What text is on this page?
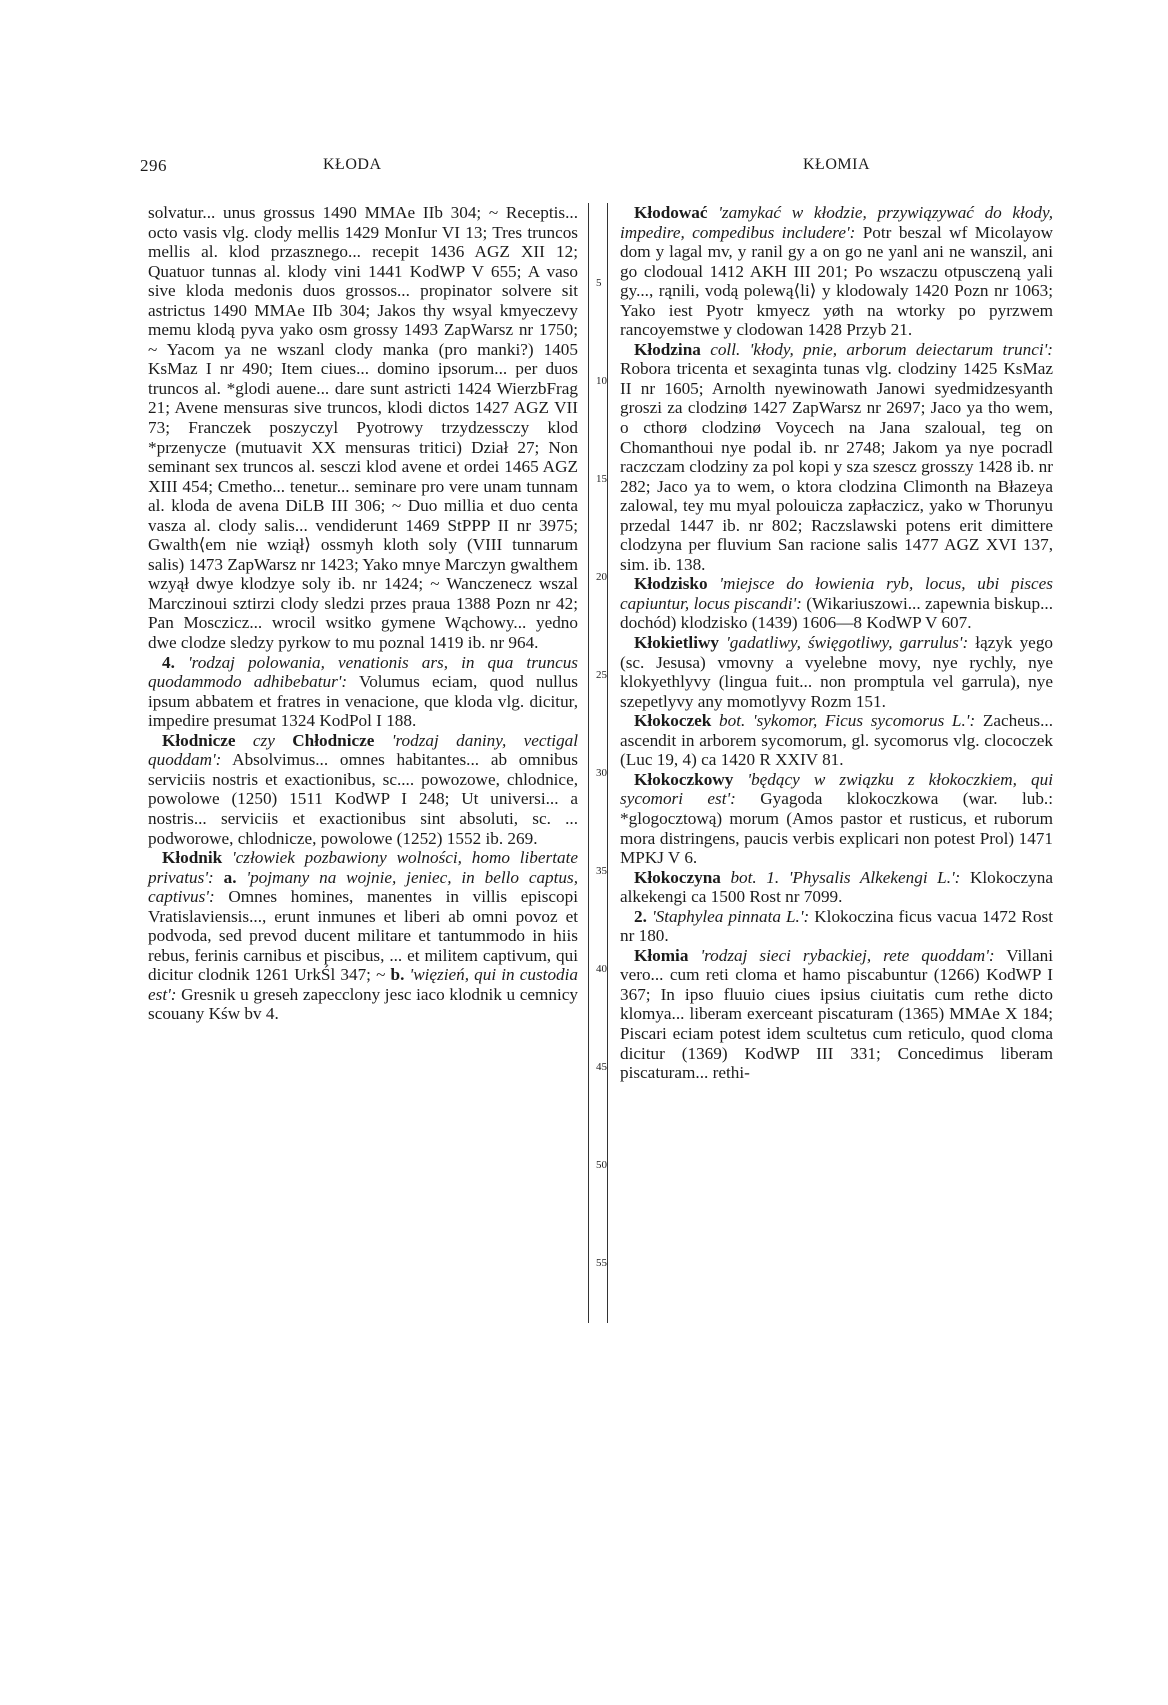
296	KŁODA	KŁOMIA
5
10
15
20
25
30
35
40
45
50
55

solvatur... unus grossus 1490 MMAe IIb 304; ~ Receptis... octo vasis vlg. clody mellis 1429 MonIur VI 13; Tres truncos mellis al. klod przasznego... recepit 1436 AGZ XII 12; Quatuor tunnas al. klody vini 1441 KodWP V 655; A vaso sive kloda medonis duos grossos... propinator solvere sit astrictus 1490 MMAe IIb 304; Jakos thy wsyal kmyeczevy memu klodą pyva yako osm grossy 1493 ZapWarsz nr 1750; ~ Yacom ya ne wszanl clody manka (pro manki?) 1405 KsMaz I nr 490; Item ciues... domino ipsorum... per duos truncos al. *glodi auene... dare sunt astricti 1424 WierzbFrag 21; Avene mensuras sive truncos, klodi dictos 1427 AGZ VII 73; Franczek poszyczyl Pyotrowy trzydzessczy klod *przenycze (mutuavit XX mensuras tritici) Dział 27; Non seminant sex truncos al. sesczi klod avene et ordei 1465 AGZ XIII 454; Cmetho... tenetur... seminare pro vere unam tunnam al. kloda de avena DiLB III 306; ~ Duo millia et duo centa vasza al. clody salis... vendiderunt 1469 StPPP II nr 3975; Gwalth⟨em nie wziął⟩ ossmyh kloth soly (VIII tunnarum salis) 1473 ZapWarsz nr 1423; Yako mnye Marczyn gwalthem wzyął dwye klodzye soly ib. nr 1424; ~ Wanczenecz wszal Marczinoui sztirzi clody sledzi przes praua 1388 Pozn nr 42; Pan Mosczicz... wrocil wsitko gymene Wąchowy... yedno dwe clodze sledzy pyrkow to mu poznal 1419 ib. nr 964.

4. 'rodzaj polowania, venationis ars, in qua truncus quodammodo adhibebatur': Volumus eciam, quod nullus ipsum abbatem et fratres in venacione, que kloda vlg. dicitur, impedire presumat 1324 KodPol I 188.

Kłodnicze czy Chłodnicze 'rodzaj daniny, vectigal quoddam': Absolvimus... omnes habitantes... ab omnibus serviciis nostris et exactionibus, sc.... powozowe, chlodnice, powolowe (1250) 1511 KodWP I 248; Ut universi... a nostris... serviciis et exactionibus sint absoluti, sc. ... podworowe, chlodnicze, powolowe (1252) 1552 ib. 269.

Kłodnik 'człowiek pozbawiony wolności, homo libertate privatus': a. 'pojmany na wojnie, jeniec, in bello captus, captivus': Omnes homines, manentes in villis episcopi Vratislaviensis..., erunt inmunes et liberi ab omni povoz et podvoda, sed prevod ducent militare et tantummodo in hiis rebus, ferinis carnibus et piscibus, ... et militem captivum, qui dicitur clodnik 1261 UrkŚl 347; ~ b. 'więzień, qui in custodia est': Gresnik u greseh zapecclony jesc iaco klodnik u cemnicy scouany Kśw bv 4.

Kłodować 'zamykać w kłodzie, przywiązywać do kłody, impedire, compedibus includere': Potr beszal wf Micolayow dom y lagal mv, y ranil gy a on go ne yanl ani ne wanszil, ani go clodoual 1412 AKH III 201; Po wszaczu otpusczeną yali gy..., rąnili, vodą polewą⟨li⟩ y klodowaly 1420 Pozn nr 1063; Yako iest Pyotr kmyecz yøth na wtorky po pyrzwem rancoyemstwe y clodowan 1428 Przyb 21.

Kłodzina coll. 'kłody, pnie, arborum deiectarum trunci': Robora tricenta et sexaginta tunas vlg. clodziny 1425 KsMaz II nr 1605; Arnolth nyewinowath Janowi syedmidzesyanth groszi za clodzinø 1427 ZapWarsz nr 2697; Jaco ya tho wem, o cthorø clodzinø Voycech na Jana szaloual, teg on Chomanthoui nye podal ib. nr 2748; Jakom ya nye pocradl raczczam clodziny za pol kopi y sza szescz grosszy 1428 ib. nr 282; Jaco ya to wem, o ktora clodzina Climonth na Błazeya zalowal, tey mu myal polouicza zapłaczicz, yako w Thorunyu przedal 1447 ib. nr 802; Raczslawski potens erit dimittere clodzyna per fluvium San racione salis 1477 AGZ XVI 137, sim. ib. 138.

Kłodzisko 'miejsce do łowienia ryb, locus, ubi pisces capiuntur, locus piscandi': (Wikariuszowi... zapewnia biskup... dochód) klodzisko (1439) 1606—8 KodWP V 607.

Kłokietliwy 'gadatliwy, święgotliwy, garrulus': łązyk yego (sc. Jesusa) vmovny a vyelebne movy, nye rychly, nye klokyethlyvy (lingua fuit... non promptula vel garrula), nye szepetlyvy any momotlyvy Rozm 151.

Kłokoczek bot. 'sykomor, Ficus sycomorus L.': Zacheus... ascendit in arborem sycomorum, gl. sycomorus vlg. clococzek (Luc 19, 4) ca 1420 R XXIV 81.

Kłokoczkowy 'będący w związku z kłokoczkiem, qui sycomori est': Gyagoda klokoczkowa (war. lub.: *glogocztową) morum (Amos pastor et rusticus, et ruborum mora distringens, paucis verbis explicari non potest Prol) 1471 MPKJ V 6.

Kłokoczyna bot. 1. 'Physalis Alkekengi L.': Klokoczyna alkekengi ca 1500 Rost nr 7099.

2. 'Staphylea pinnata L.': Klokoczina ficus vacua 1472 Rost nr 180.

Kłomia 'rodzaj sieci rybackiej, rete quoddam': Villani vero... cum reti cloma et hamo piscabuntur (1266) KodWP I 367; In ipso fluuio ciues ipsius ciuitatis cum rethe dicto klomya... liberam exerceant piscaturam (1365) MMAe X 184; Piscari eciam potest idem scultetus cum reticulo, quod cloma dicitur (1369) KodWP III 331; Concedimus liberam piscaturam... rethi-
